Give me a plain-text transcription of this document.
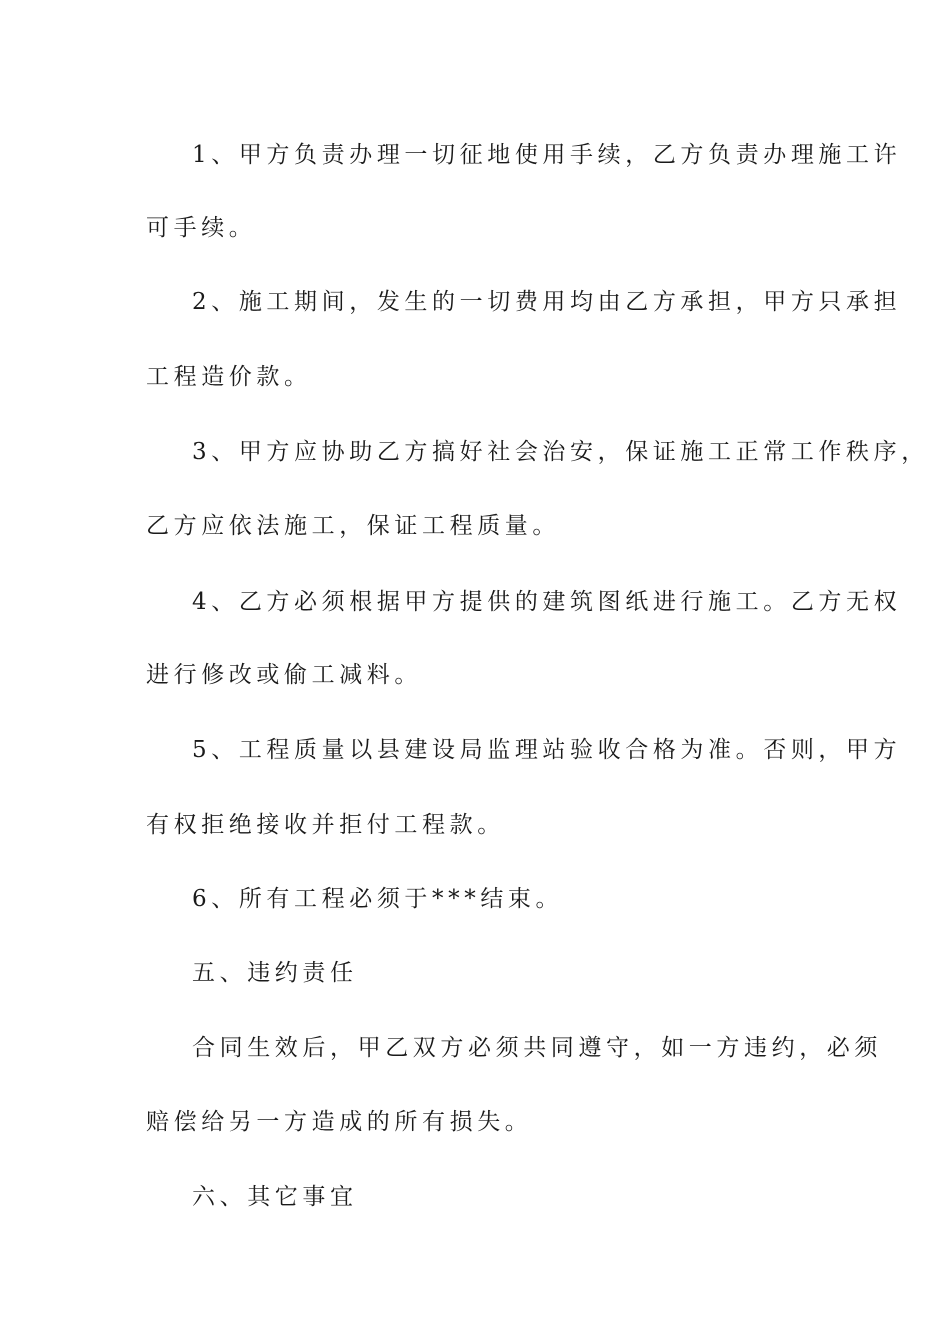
1、甲方负责办理一切征地使用手续，乙方负责办理施工许

可手续。

2、施工期间，发生的一切费用均由乙方承担，甲方只承担

工程造价款。

3、甲方应协助乙方搞好社会治安，保证施工正常工作秩序，

乙方应依法施工，保证工程质量。

4、乙方必须根据甲方提供的建筑图纸进行施工。乙方无权

进行修改或偷工减料。

5、工程质量以县建设局监理站验收合格为准。否则，甲方

有权拒绝接收并拒付工程款。

6、所有工程必须于***结束。

五、违约责任

合同生效后，甲乙双方必须共同遵守，如一方违约，必须

赔偿给另一方造成的所有损失。

六、其它事宜
